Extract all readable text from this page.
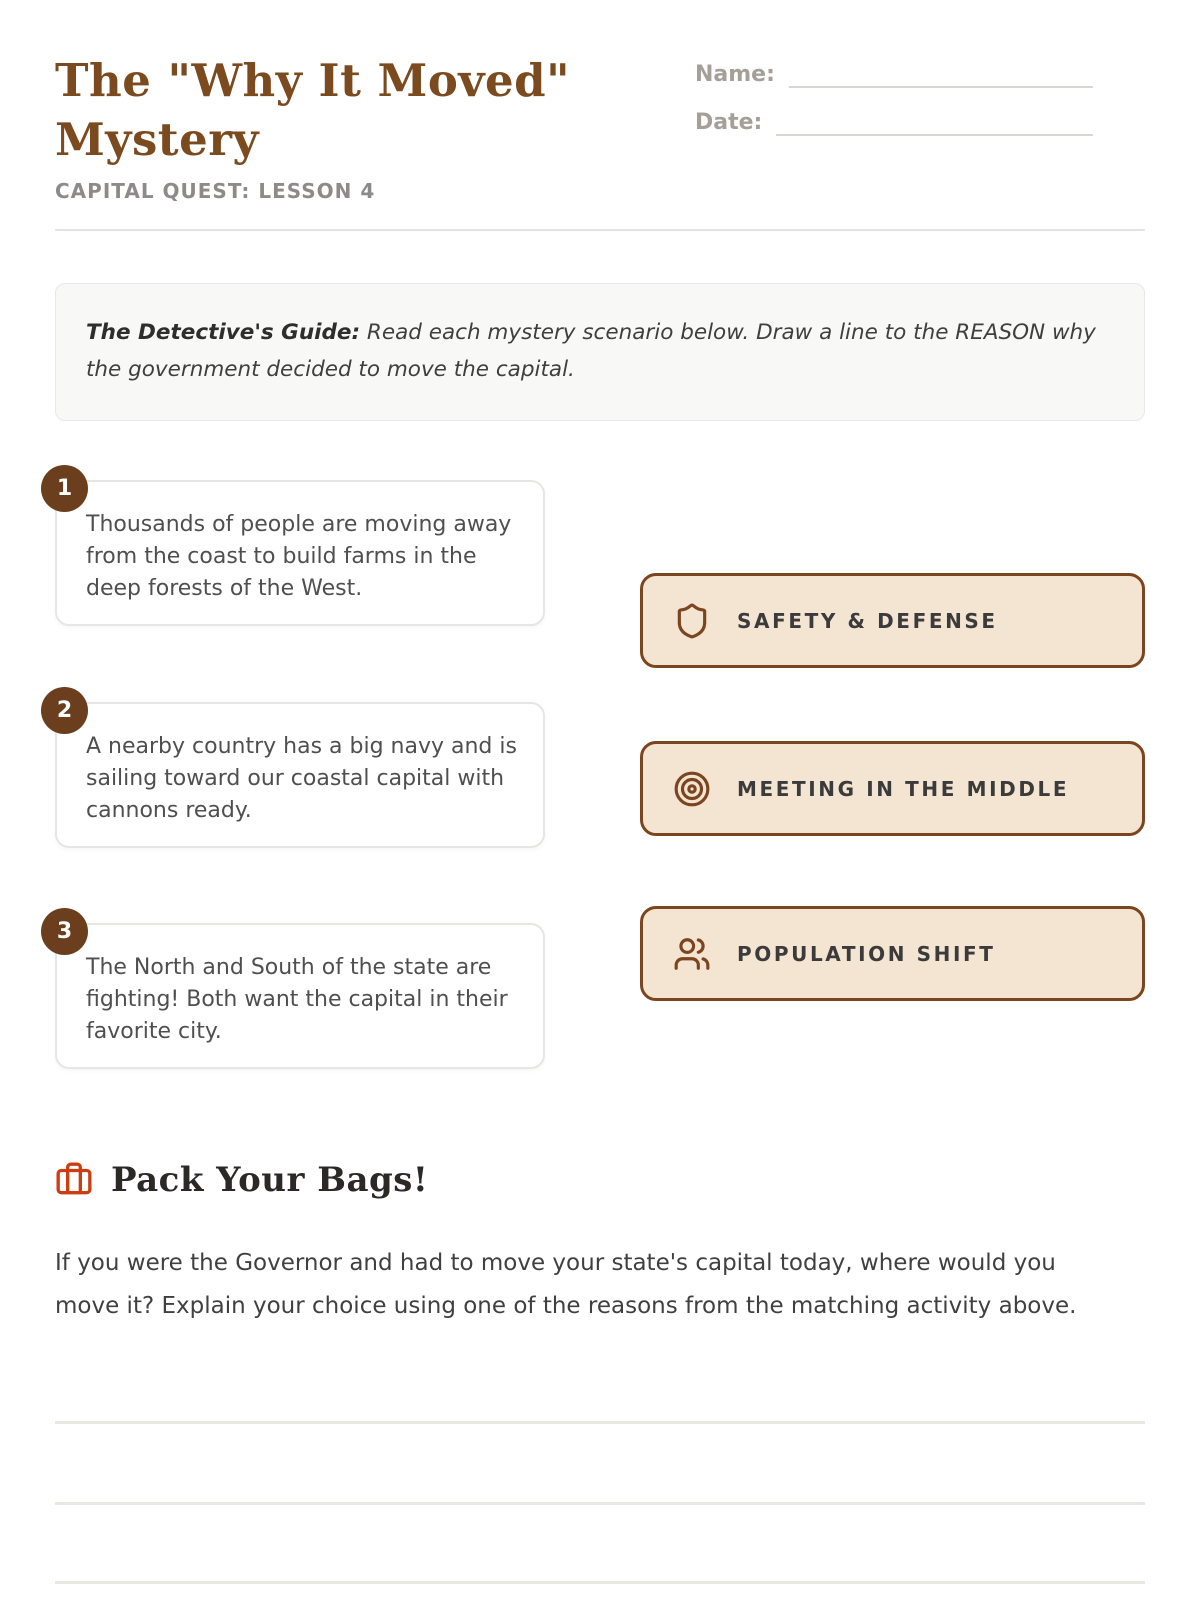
The "Why It Moved" Mystery
CAPITAL QUEST: LESSON 4
Name:
Date:

The Detective's Guide: Read each mystery scenario below. Draw a line to the REASON why the government decided to move the capital.

1

Thousands of people are moving away from the coast to build farms in the deep forests of the West.

2

A nearby country has a big navy and is sailing toward our coastal capital with cannons ready.

3

The North and South of the state are fighting! Both want the capital in their favorite city.

SAFETY & DEFENSE
MEETING IN THE MIDDLE
POPULATION SHIFT
Pack Your Bags!

If you were the Governor and had to move your state's capital today, where would you move it? Explain your choice using one of the reasons from the matching activity above.
